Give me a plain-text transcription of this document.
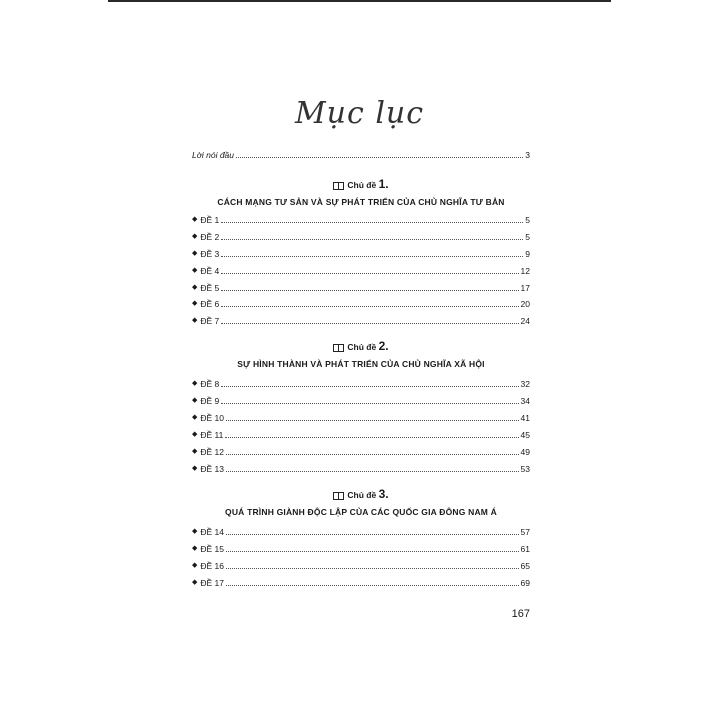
Mục lục
Lời nói đầu	3
Chủ đề 1.
CÁCH MẠNG TƯ SẢN VÀ SỰ PHÁT TRIỂN CỦA CHỦ NGHĨA TƯ BẢN
◆ ĐỀ 1	5
◆ ĐỀ 2	5
◆ ĐỀ 3	9
◆ ĐỀ 4	12
◆ ĐỀ 5	17
◆ ĐỀ 6	20
◆ ĐỀ 7	24
Chủ đề 2.
SỰ HÌNH THÀNH VÀ PHÁT TRIỂN CỦA CHỦ NGHĨA XÃ HỘI
◆ ĐỀ 8	32
◆ ĐỀ 9	34
◆ ĐỀ 10	41
◆ ĐỀ 11	45
◆ ĐỀ 12	49
◆ ĐỀ 13	53
Chủ đề 3.
QUÁ TRÌNH GIÀNH ĐỘC LẬP CỦA CÁC QUỐC GIA ĐÔNG NAM Á
◆ ĐỀ 14	57
◆ ĐỀ 15	61
◆ ĐỀ 16	65
◆ ĐỀ 17	69
167
